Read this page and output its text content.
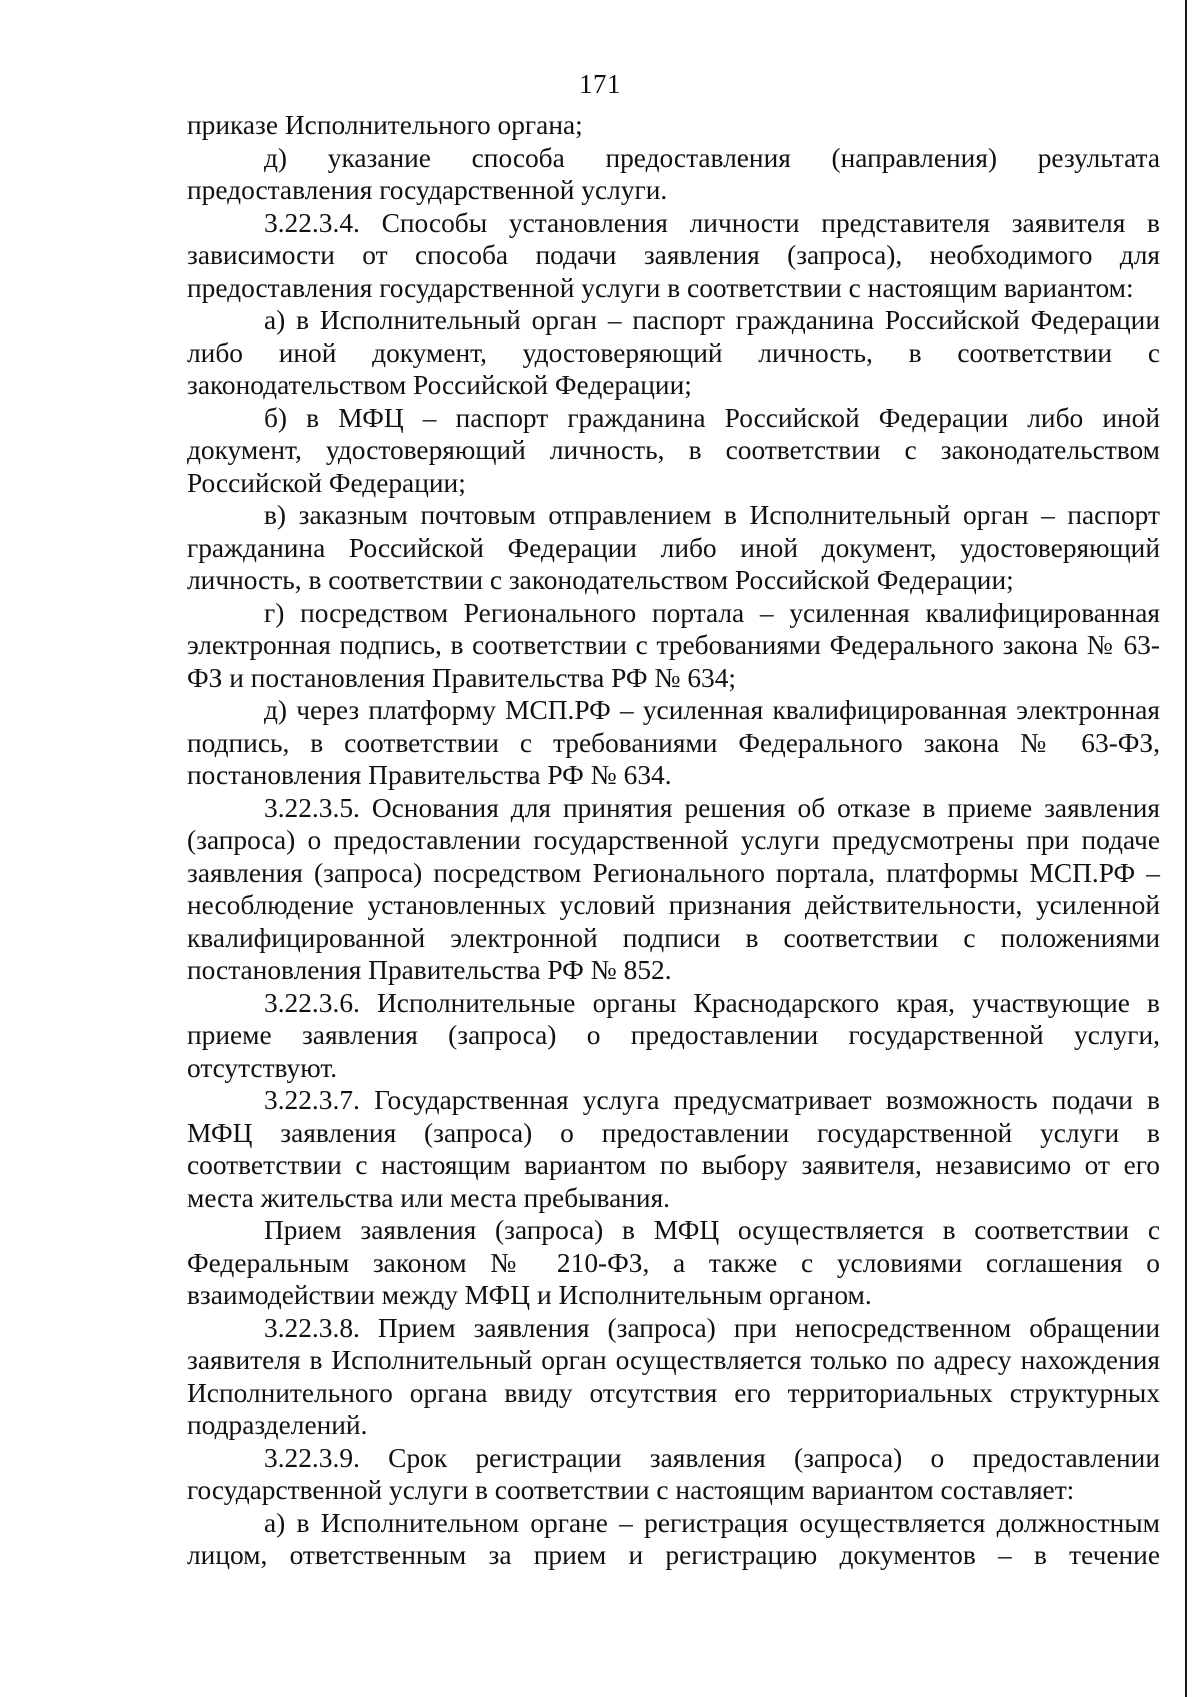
171

приказе Исполнительного органа;

д) указание способа предоставления (направления) результата предоставления государственной услуги.

3.22.3.4. Способы установления личности представителя заявителя в зависимости от способа подачи заявления (запроса), необходимого для предоставления государственной услуги в соответствии с настоящим вариантом:

а) в Исполнительный орган – паспорт гражданина Российской Федерации либо иной документ, удостоверяющий личность, в соответствии с законодательством Российской Федерации;

б) в МФЦ – паспорт гражданина Российской Федерации либо иной документ, удостоверяющий личность, в соответствии с законодательством Российской Федерации;

в) заказным почтовым отправлением в Исполнительный орган – паспорт гражданина Российской Федерации либо иной документ, удостоверяющий личность, в соответствии с законодательством Российской Федерации;

г) посредством Регионального портала – усиленная квалифицированная электронная подпись, в соответствии с требованиями Федерального закона № 63-ФЗ и постановления Правительства РФ № 634;

д) через платформу МСП.РФ – усиленная квалифицированная электронная подпись, в соответствии с требованиями Федерального закона № 63-ФЗ, постановления Правительства РФ № 634.

3.22.3.5. Основания для принятия решения об отказе в приеме заявления (запроса) о предоставлении государственной услуги предусмотрены при подаче заявления (запроса) посредством Регионального портала, платформы МСП.РФ – несоблюдение установленных условий признания действительности, усиленной квалифицированной электронной подписи в соответствии с положениями постановления Правительства РФ № 852.

3.22.3.6. Исполнительные органы Краснодарского края, участвующие в приеме заявления (запроса) о предоставлении государственной услуги, отсутствуют.

3.22.3.7. Государственная услуга предусматривает возможность подачи в МФЦ заявления (запроса) о предоставлении государственной услуги в соответствии с настоящим вариантом по выбору заявителя, независимо от его места жительства или места пребывания.

Прием заявления (запроса) в МФЦ осуществляется в соответствии с Федеральным законом № 210-ФЗ, а также с условиями соглашения о взаимодействии между МФЦ и Исполнительным органом.

3.22.3.8. Прием заявления (запроса) при непосредственном обращении заявителя в Исполнительный орган осуществляется только по адресу нахождения Исполнительного органа ввиду отсутствия его территориальных структурных подразделений.

3.22.3.9. Срок регистрации заявления (запроса) о предоставлении государственной услуги в соответствии с настоящим вариантом составляет:

а) в Исполнительном органе – регистрация осуществляется должностным лицом, ответственным за прием и регистрацию документов – в течение
